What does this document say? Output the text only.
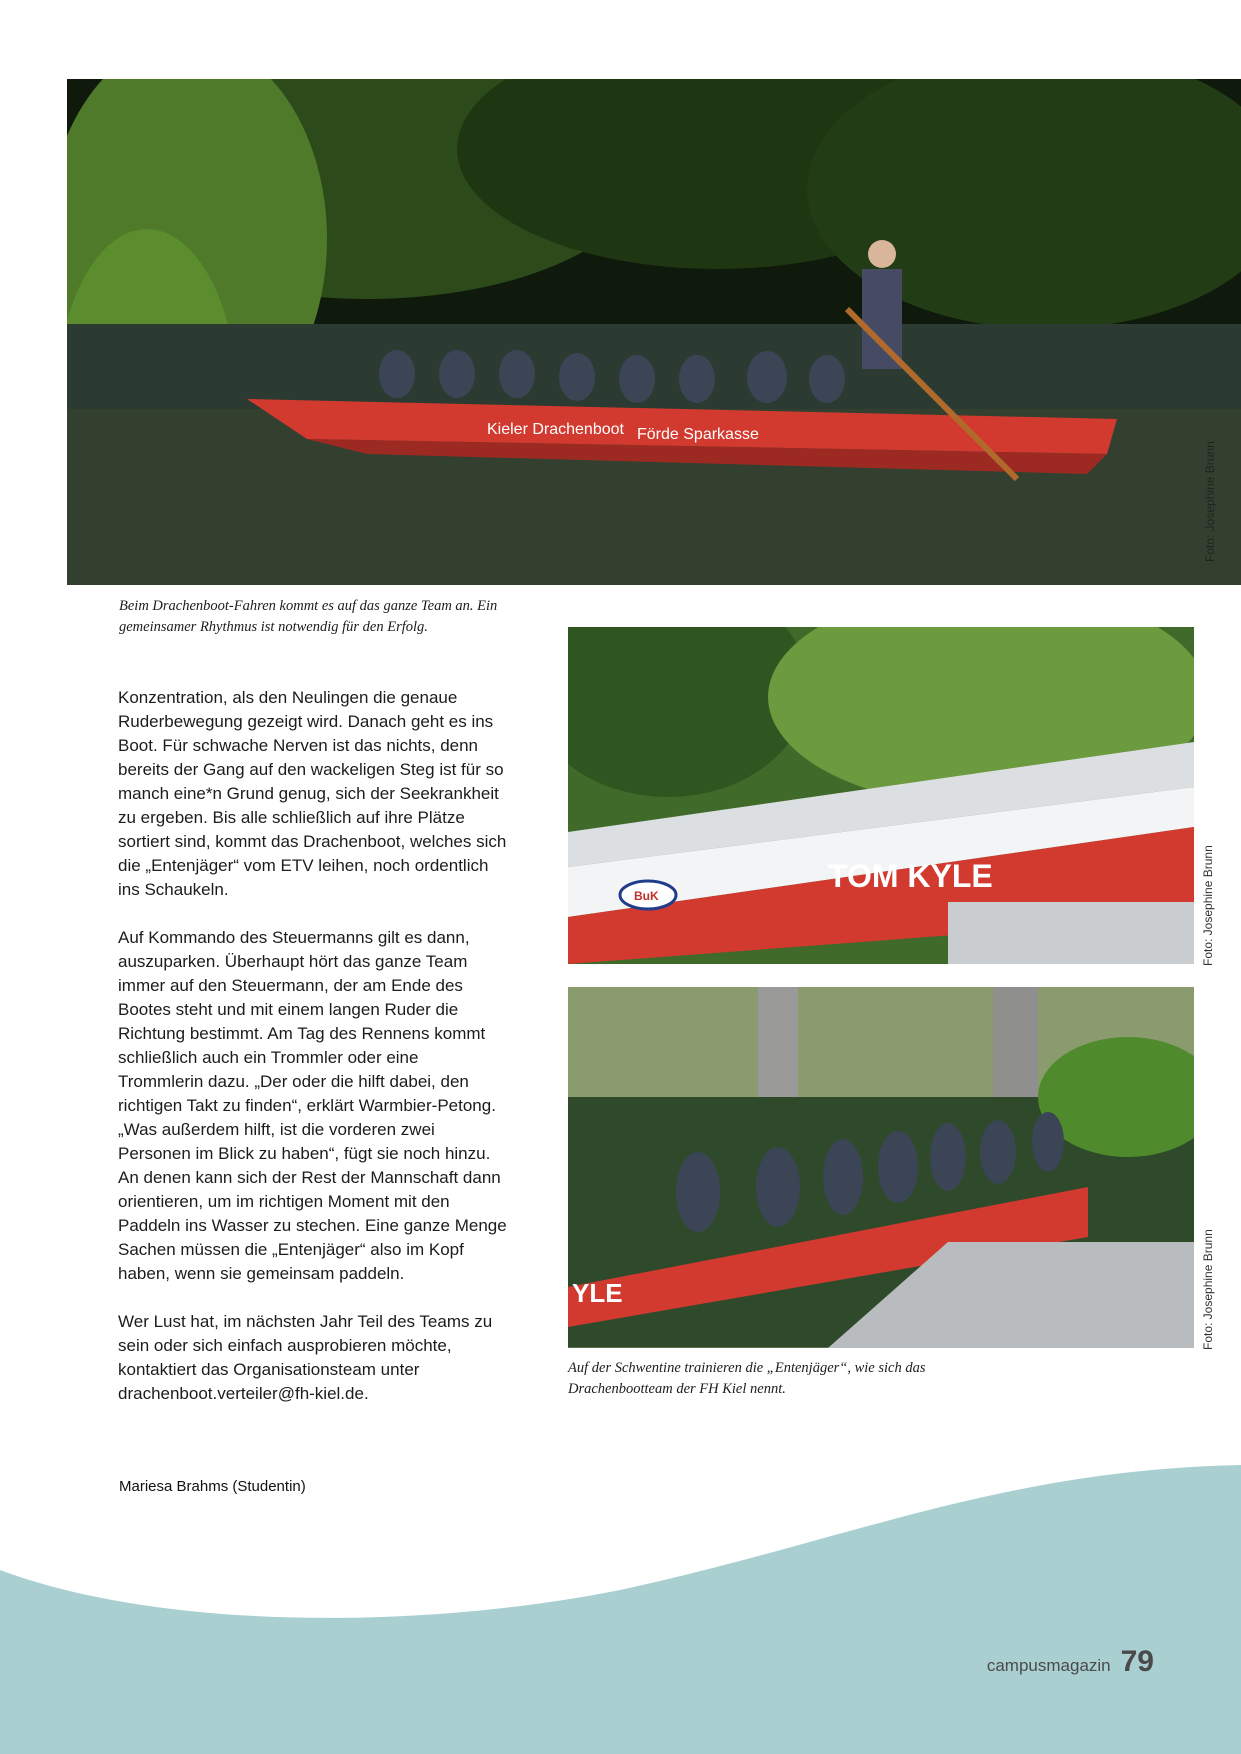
Kieler Drachenboot Förde Sparkasse
Foto: Josephine Brunn
Beim Drachenboot-Fahren kommt es auf das ganze Team an. Ein gemeinsamer Rhythmus ist notwendig für den Erfolg.
BuK
TOM KYLE	Foto: Josephine Brunn
YLE	Foto: Josephine Brunn
Auf der Schwentine trainieren die „Entenjäger“, wie sich das Drachenbootteam der FH Kiel nennt.

Konzentration, als den Neulingen die genaue Ruderbewegung gezeigt wird. Danach geht es ins Boot. Für schwache Nerven ist das nichts, denn bereits der Gang auf den wackeligen Steg ist für so manch eine*n Grund genug, sich der Seekrankheit zu ergeben. Bis alle schließlich auf ihre Plätze sortiert sind, kommt das Drachenboot, welches sich die „Entenjäger“ vom ETV leihen, noch ordentlich ins Schaukeln.

Auf Kommando des Steuermanns gilt es dann, auszuparken. Überhaupt hört das ganze Team immer auf den Steuermann, der am Ende des Bootes steht und mit einem langen Ruder die Richtung bestimmt. Am Tag des Rennens kommt schließlich auch ein Trommler oder eine Trommlerin dazu. „Der oder die hilft dabei, den richtigen Takt zu finden“, erklärt Warmbier-Petong. „Was außerdem hilft, ist die vorderen zwei Personen im Blick zu haben“, fügt sie noch hinzu. An denen kann sich der Rest der Mannschaft dann orientieren, um im richtigen Moment mit den Paddeln ins Wasser zu stechen. Eine ganze Menge Sachen müssen die „Entenjäger“ also im Kopf haben, wenn sie gemeinsam paddeln.

Wer Lust hat, im nächsten Jahr Teil des Teams zu sein oder sich einfach ausprobieren möchte, kontaktiert das Organisationsteam unter drachenboot.verteiler@fh-kiel.de.

Mariesa Brahms (Studentin)
campusmagazin 79
